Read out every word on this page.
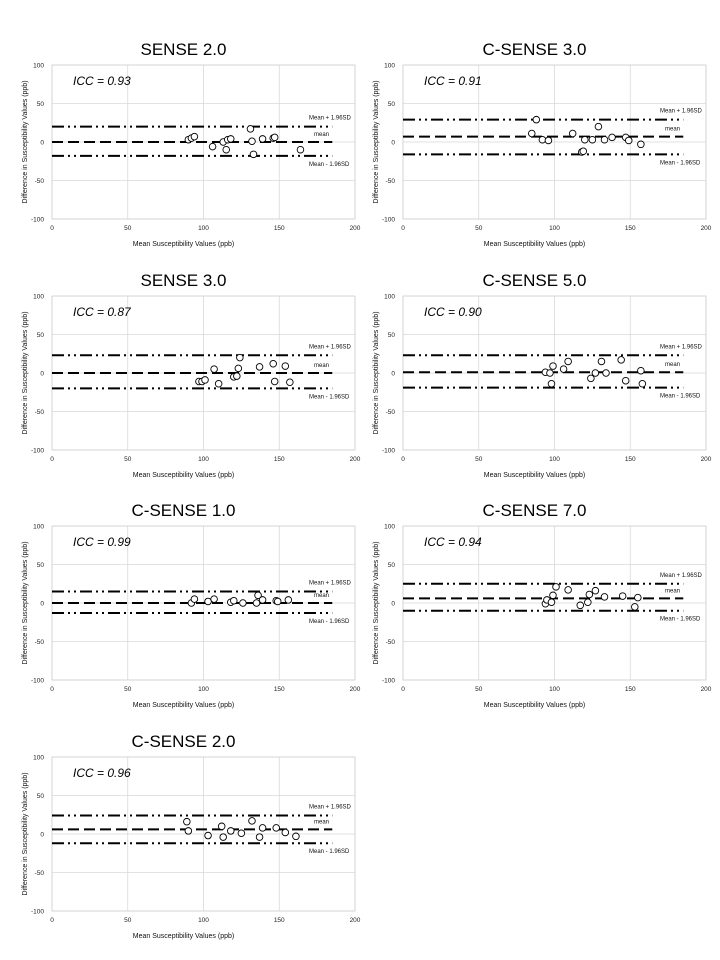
SENSE 2.0
0	50	100	150	200
100
50
0
-50
-100
Mean Susceptibility Values (ppb)
Difference in Susceptibility Values (ppb)	ICC = 0.93
Mean + 1.96SD
mean
Mean - 1.96SD
C-SENSE 3.0
0	50	100	150	200
100
50
0
-50
-100
Mean Susceptibility Values (ppb)
Difference in Susceptibility Values (ppb)	ICC = 0.91
Mean + 1.96SD
mean
Mean - 1.96SD
SENSE 3.0
0	50	100	150	200
100
50
0
-50
-100
Mean Susceptibility Values (ppb)
Difference in Susceptibility Values (ppb)	ICC = 0.87
Mean + 1.96SD
mean
Mean - 1.96SD
C-SENSE 5.0
0	50	100	150	200
100
50
0
-50
-100
Mean Susceptibility Values (ppb)
Difference in Susceptibility Values (ppb)	ICC = 0.90
Mean + 1.96SD
mean
Mean - 1.96SD
C-SENSE 1.0
0	50	100	150	200
100
50
0
-50
-100
Mean Susceptibility Values (ppb)
Difference in Susceptibility Values (ppb)	ICC = 0.99
Mean + 1.96SD
mean
Mean - 1.96SD
C-SENSE 7.0
0	50	100	150	200
100
50
0
-50
-100
Mean Susceptibility Values (ppb)
Difference in Susceptibility Values (ppb)	ICC = 0.94
Mean + 1.96SD
mean
Mean - 1.96SD
C-SENSE 2.0
0	50	100	150	200
100
50
0
-50
-100
Mean Susceptibility Values (ppb)
Difference in Susceptibility Values (ppb)	ICC = 0.96
Mean + 1.96SD
mean
Mean - 1.96SD
